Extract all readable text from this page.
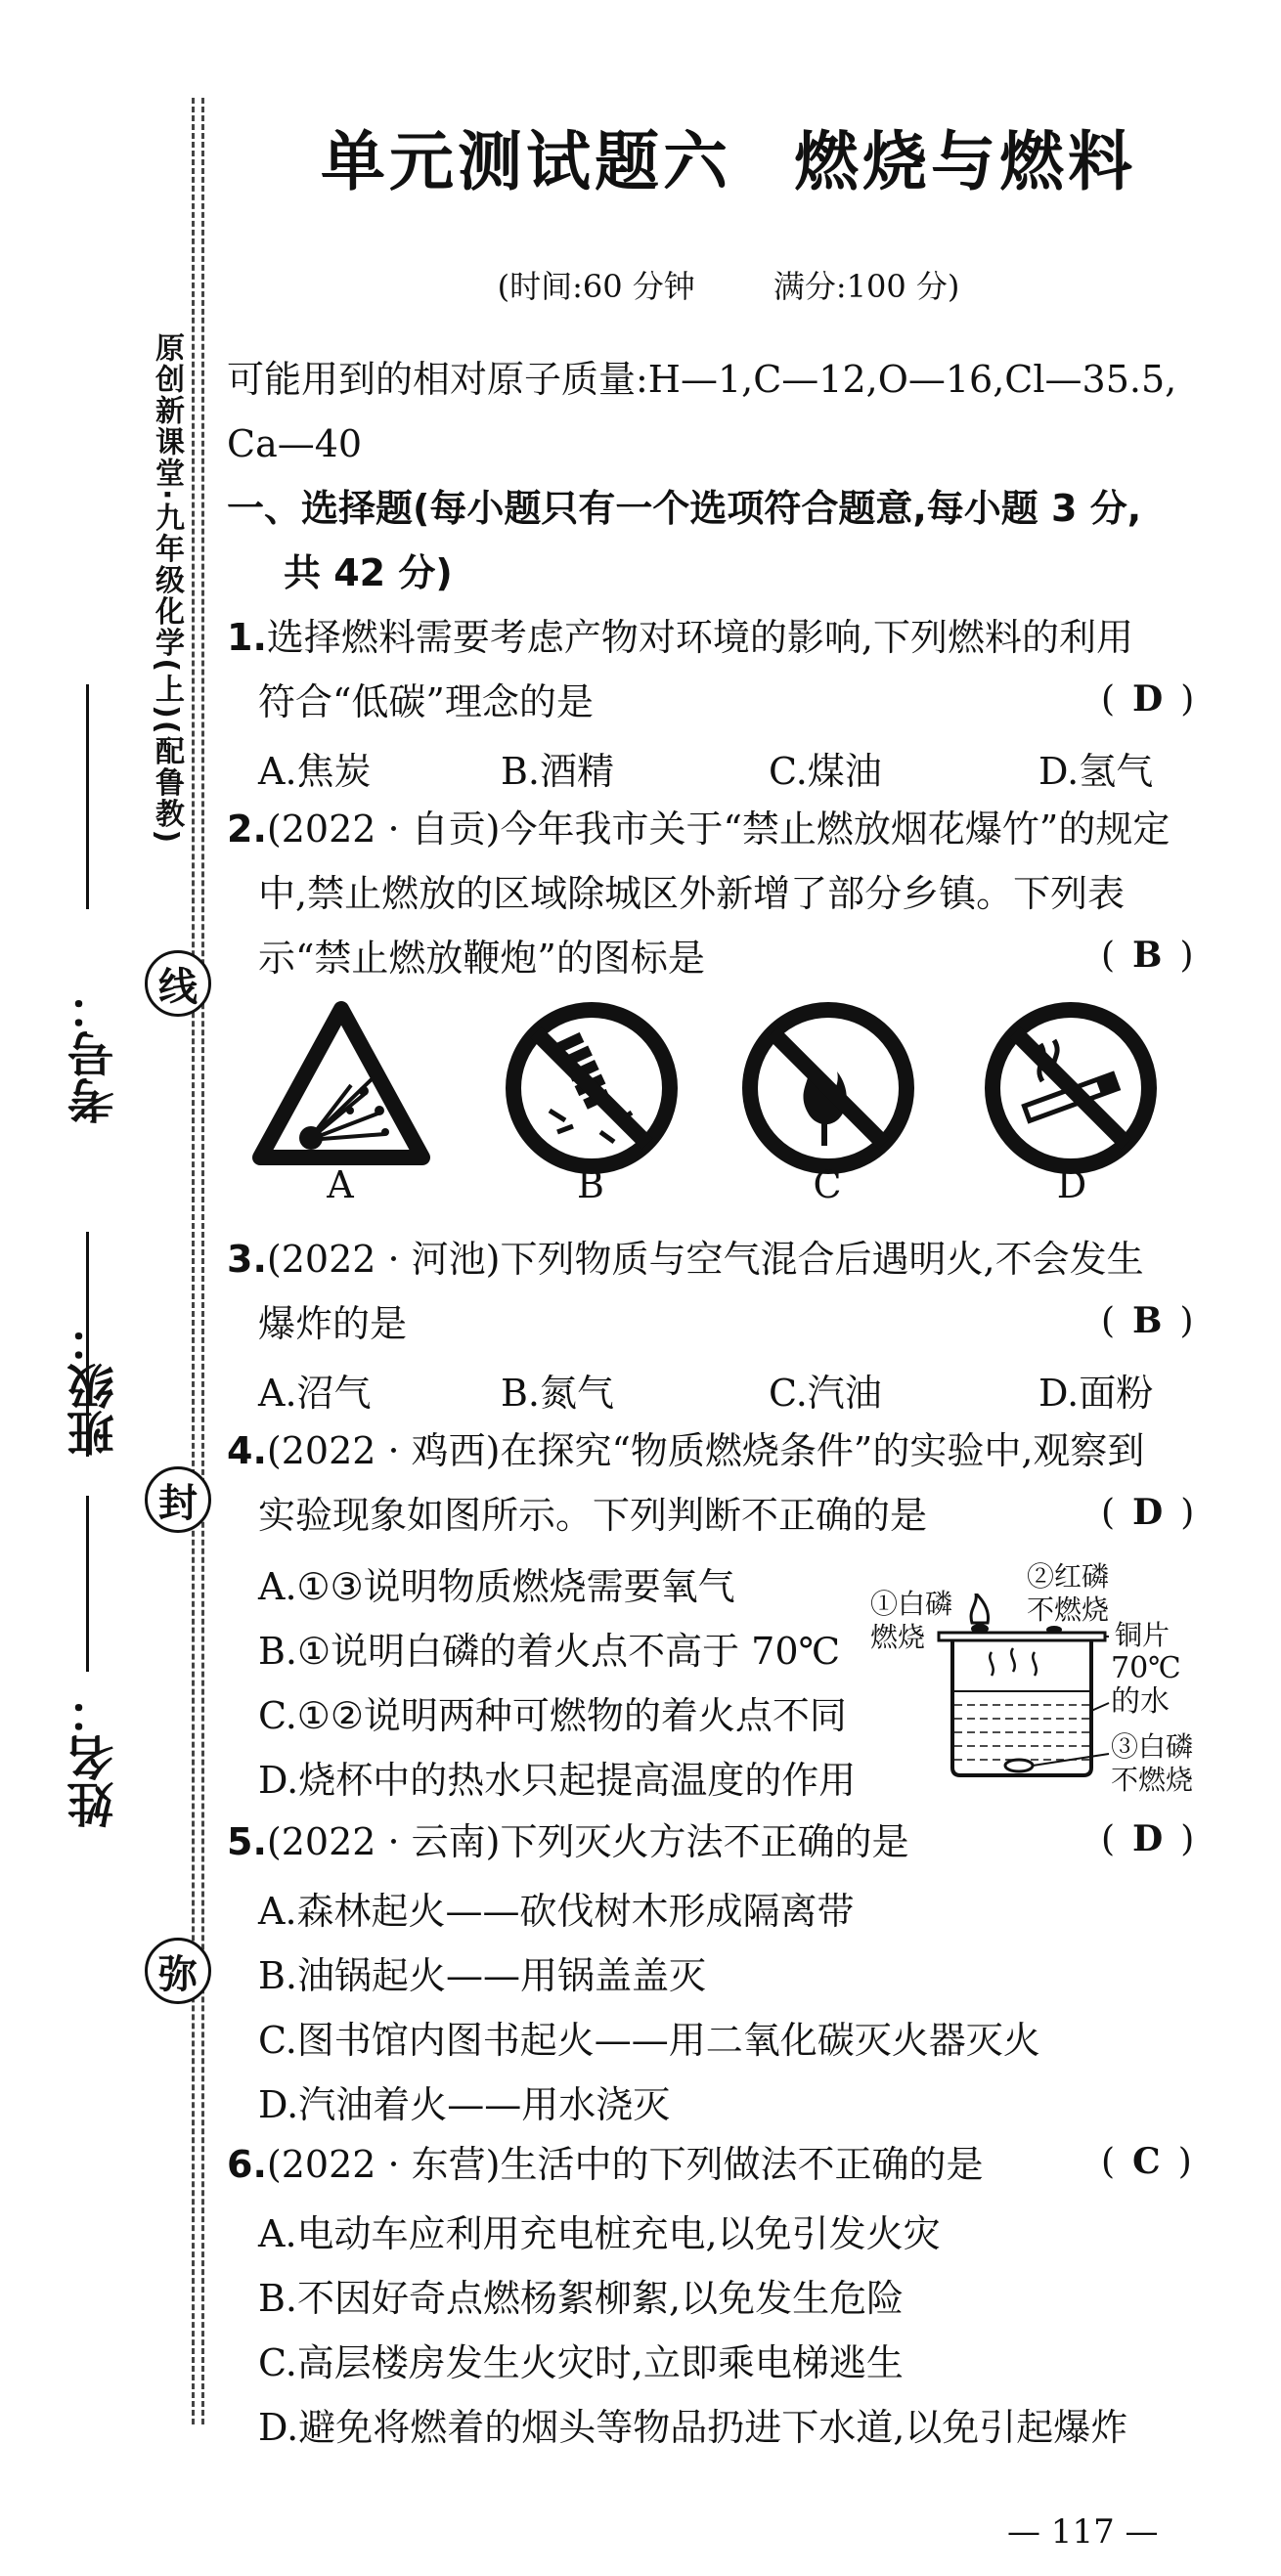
原创新课堂·九年级化学(上)(配鲁教)
考号：
班级：
姓名：
线
封
弥
单元测试题六 燃烧与燃料
(时间:60 分钟	满分:100 分)
可能用到的相对原子质量:H—1,C—12,O—16,Cl—35.5,
Ca—40
一、选择题(每小题只有一个选项符合题意,每小题 3 分,
共 42 分)
1.选择燃料需要考虑产物对环境的影响,下列燃料的利用
符合“低碳”理念的是	( D )
A.焦炭	B.酒精	C.煤油	D.氢气
2.(2022 · 自贡)今年我市关于“禁止燃放烟花爆竹”的规定
中,禁止燃放的区域除城区外新增了部分乡镇。下列表
示“禁止燃放鞭炮”的图标是	( B )
A	B	C	D
3.(2022 · 河池)下列物质与空气混合后遇明火,不会发生
爆炸的是	( B )
A.沼气	B.氮气	C.汽油	D.面粉
4.(2022 · 鸡西)在探究“物质燃烧条件”的实验中,观察到
实验现象如图所示。下列判断不正确的是	( D )
A.①③说明物质燃烧需要氧气
B.①说明白磷的着火点不高于 70℃
C.①②说明两种可燃物的着火点不同
D.烧杯中的热水只起提高温度的作用
①白磷
燃烧
②红磷
不燃烧
铜片
70℃
的水
③白磷
不燃烧
5.(2022 · 云南)下列灭火方法不正确的是	( D )
A.森林起火——砍伐树木形成隔离带
B.油锅起火——用锅盖盖灭
C.图书馆内图书起火——用二氧化碳灭火器灭火
D.汽油着火——用水浇灭
6.(2022 · 东营)生活中的下列做法不正确的是	( C )
A.电动车应利用充电桩充电,以免引发火灾
B.不因好奇点燃杨絮柳絮,以免发生危险
C.高层楼房发生火灾时,立即乘电梯逃生
D.避免将燃着的烟头等物品扔进下水道,以免引起爆炸
— 117 —
